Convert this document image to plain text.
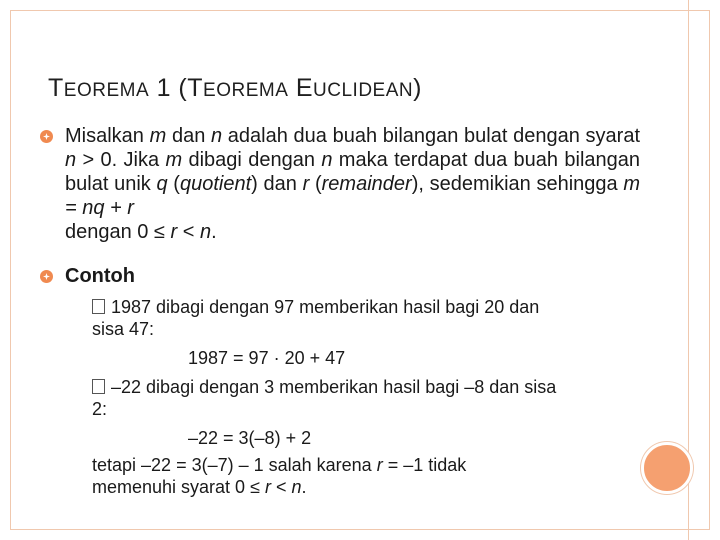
TEOREMA 1 (TEOREMA EUCLIDEAN)
Misalkan m dan n adalah dua buah bilangan bulat dengan syarat n > 0. Jika m dibagi dengan n maka terdapat dua buah bilangan bulat unik q (quotient) dan r (remainder), sedemikian sehingga m = nq + r
dengan 0 ≤ r < n.
Contoh
1987 dibagi dengan 97 memberikan hasil bagi 20 dan
sisa 47:
1987 = 97 · 20 + 47
–22 dibagi dengan 3 memberikan hasil bagi –8 dan sisa
2:
–22 = 3(–8) + 2
tetapi –22 = 3(–7) – 1 salah karena r = –1 tidak
memenuhi syarat 0 ≤ r < n.
